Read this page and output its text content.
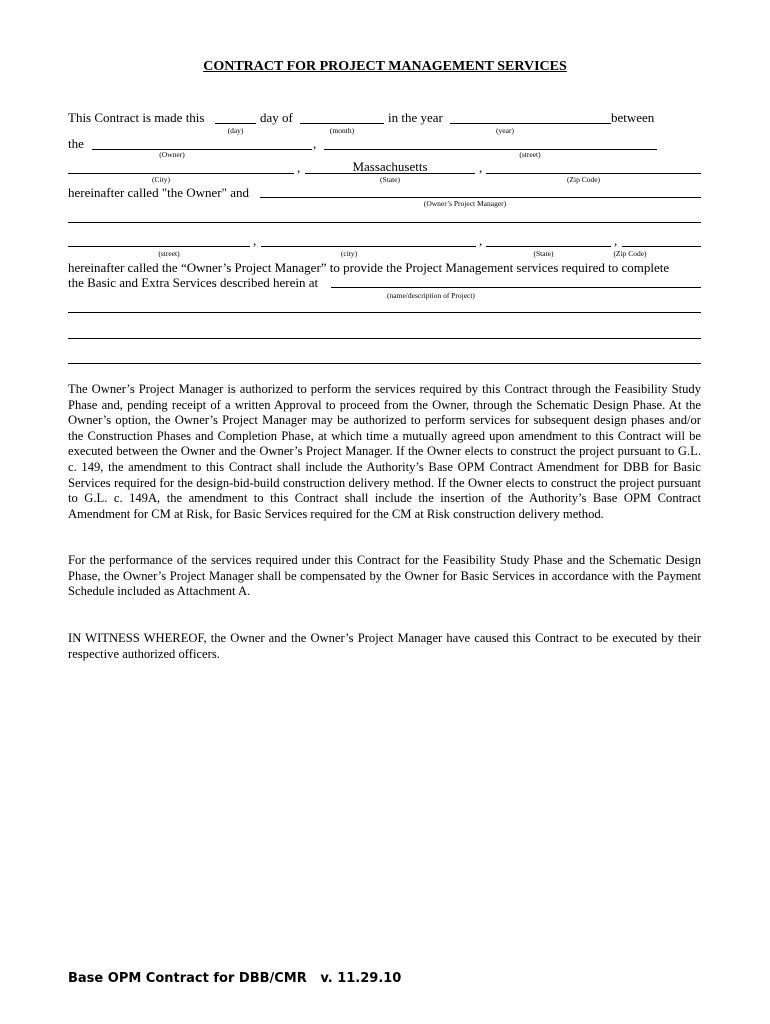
CONTRACT FOR PROJECT MANAGEMENT SERVICES
This Contract is made this	day of	in the year	between
(day)	(month)	(year)
the	,
(Owner)	(street)
,	Massachusetts	,
(City)	(State)	(Zip Code)
hereinafter called "the Owner" and
(Owner’s Project Manager)
,	,	,
(street)	(city)	(State)	(Zip Code)
hereinafter called the “Owner’s Project Manager” to provide the Project Management services required to complete
the Basic and Extra Services described herein at
(name/description of Project)
The Owner’s Project Manager is authorized to perform the services required by this Contract through the Feasibility Study Phase and, pending receipt of a written Approval to proceed from the Owner, through the Schematic Design Phase. At the Owner’s option, the Owner’s Project Manager may be authorized to perform services for subsequent design phases and/or the Construction Phases and Completion Phase, at which time a mutually agreed upon amendment to this Contract will be executed between the Owner and the Owner’s Project Manager. If the Owner elects to construct the project pursuant to G.L. c. 149, the amendment to this Contract shall include the Authority’s Base OPM Contract Amendment for DBB for Basic Services required for the design-bid-build construction delivery method. If the Owner elects to construct the project pursuant to G.L. c. 149A, the amendment to this Contract shall include the insertion of the Authority’s Base OPM Contract Amendment for CM at Risk, for Basic Services required for the CM at Risk construction delivery method.
For the performance of the services required under this Contract for the Feasibility Study Phase and the Schematic Design Phase, the Owner’s Project Manager shall be compensated by the Owner for Basic Services in accordance with the Payment Schedule included as Attachment A.
IN WITNESS WHEREOF, the Owner and the Owner’s Project Manager have caused this Contract to be executed by their respective authorized officers.
Base OPM Contract for DBB/CMR   v. 11.29.10
